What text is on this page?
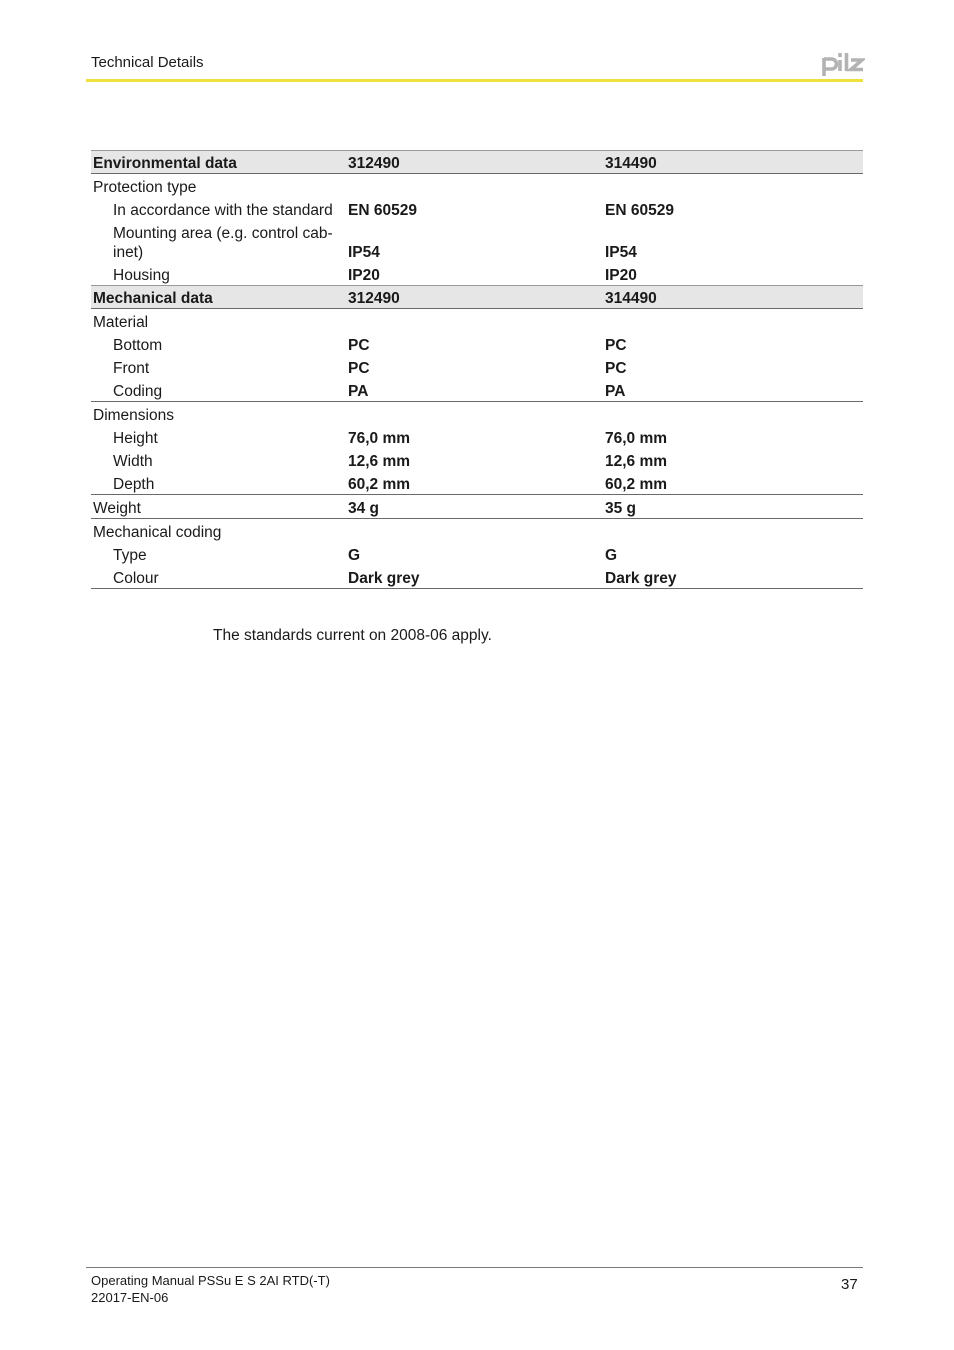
Technical Details
Environmental data	312490	314490
Protection type		
In accordance with the standard	EN 60529	EN 60529
Mounting area (e.g. control cab-inet)	IP54	IP54
Housing	IP20	IP20
Mechanical data	312490	314490
Material		
Bottom	PC	PC
Front	PC	PC
Coding	PA	PA
Dimensions		
Height	76,0 mm	76,0 mm
Width	12,6 mm	12,6 mm
Depth	60,2 mm	60,2 mm
Weight	34 g	35 g
Mechanical coding		
Type	G	G
Colour	Dark grey	Dark grey
The standards current on 2008-06 apply.
Operating Manual PSSu E S 2AI RTD(-T)
22017-EN-06
37
